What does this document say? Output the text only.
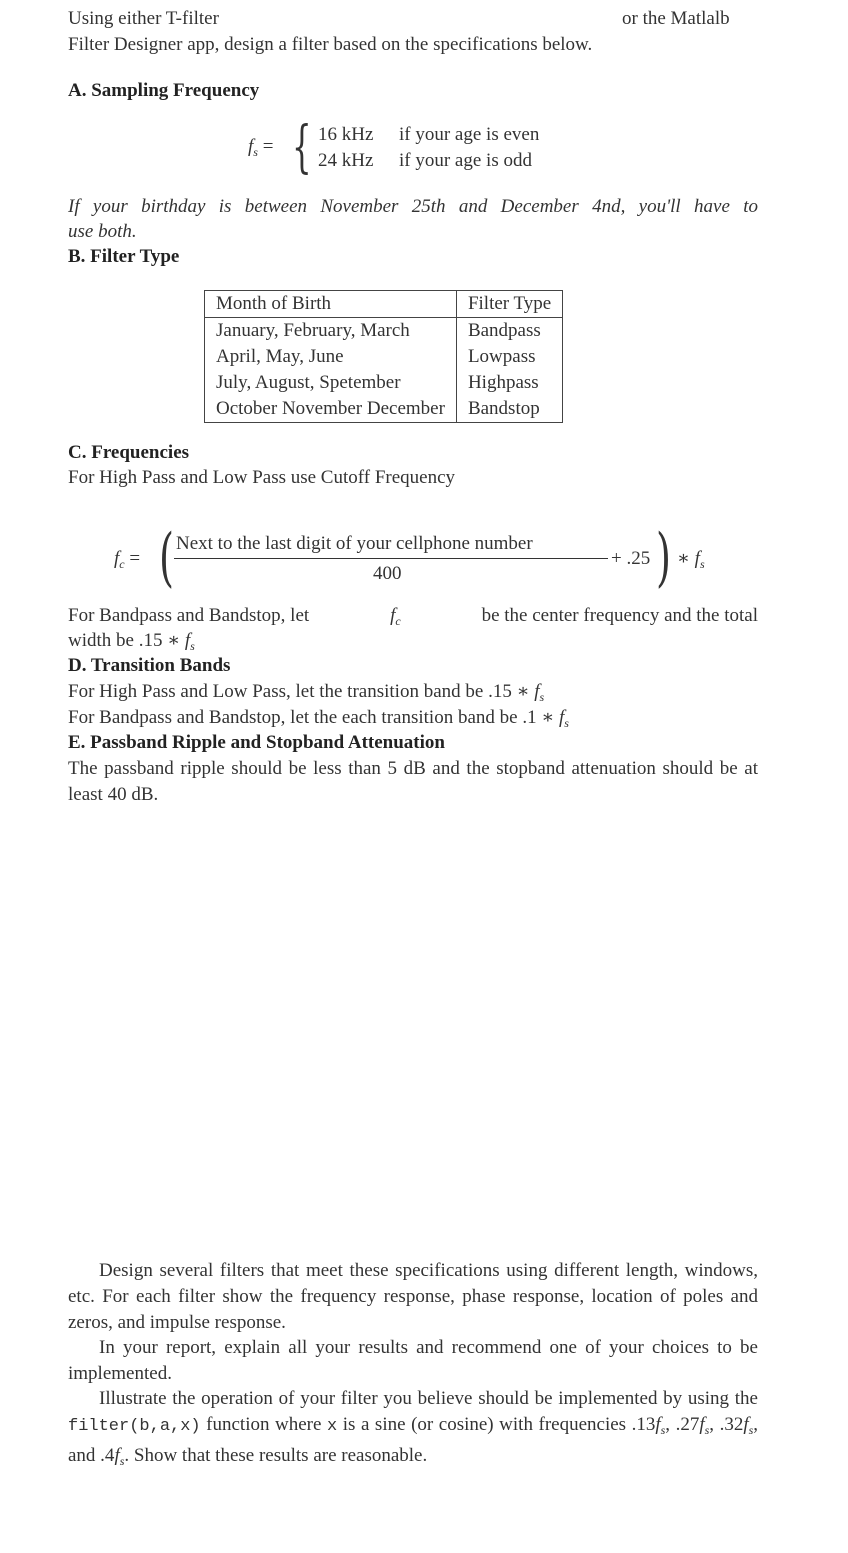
Using either T-filter	or the Matlalb
Filter Designer app, design a filter based on the specifications below.
A. Sampling Frequency
$f_s$ = { 16 kHz if your age is even
24 kHz if your age is odd
If your birthday is between November 25th and December 4nd, you'll have to
use both.
B. Filter Type
Month of Birth	Filter Type
January, February, March	Bandpass
April, May, June	Lowpass
July, August, Spetember	Highpass
October November December	Bandstop
C. Frequencies
For High Pass and Low Pass use Cutoff Frequency
$f_c$ = ( Next to the last digit of your cellphone number
400
+ .25 ) ∗ $f_s$
For Bandpass and Bandstop, let	$f_c$	be the center frequency and the total
width be .15 ∗ $f_s$
D. Transition Bands
For High Pass and Low Pass, let the transition band be .15 ∗ $f_s$
For Bandpass and Bandstop, let the each transition band be .1 ∗ $f_s$
E. Passband Ripple and Stopband Attenuation
The passband ripple should be less than 5 dB and the stopband attenuation should be at least 40 dB.
Design several filters that meet these specifications using different length, windows, etc. For each filter show the frequency response, phase response, location of poles and zeros, and impulse response.
In your report, explain all your results and recommend one of your choices to be implemented.
Illustrate the operation of your filter you believe should be implemented by using the filter(b,a,x) function where x is a sine (or cosine) with frequencies $.13f_s$, $.27f_s$, $.32f_s$, and $.4f_s$. Show that these results are reasonable.
